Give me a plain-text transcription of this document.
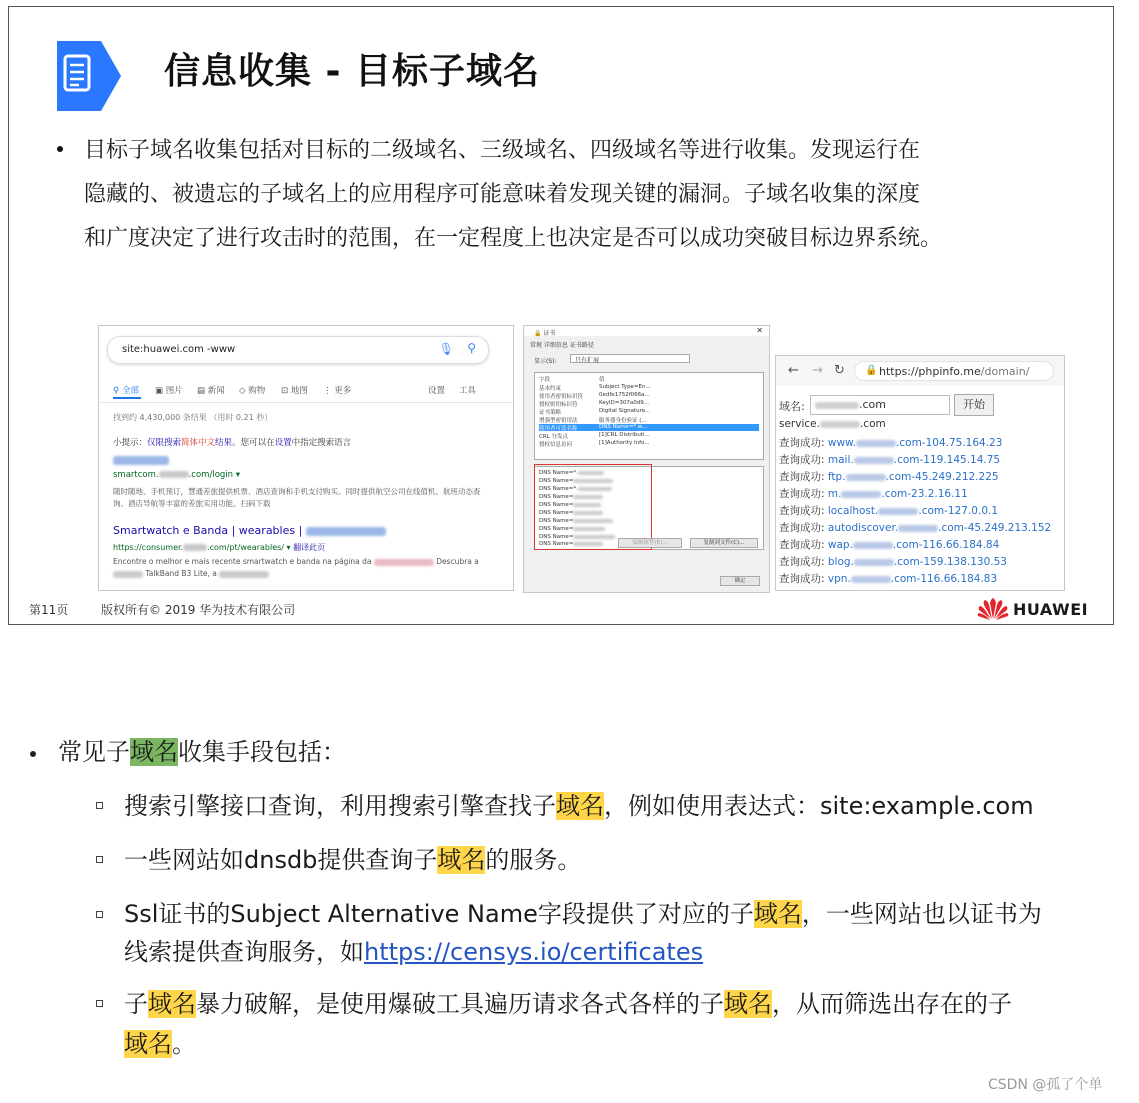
信息收集 - 目标子域名
目标子域名收集包括对目标的二级域名、三级域名、四级域名等进行收集。发现运行在
隐藏的、被遗忘的子域名上的应用程序可能意味着发现关键的漏洞。子域名收集的深度
和广度决定了进行攻击时的范围，在一定程度上也决定是否可以成功突破目标边界系统。
site:huawei.com -www	🎙 ⚲
⚲ 全部 ▣ 图片 ▤ 新闻 ◇ 购物 ⊡ 地图 ⋮ 更多	设置 工具
找到约 4,430,000 条结果 （用时 0.21 秒）
小提示：仅限搜索简体中文结果。您可以在设置中指定搜索语言
smartcom.	.com/login ▾
随时随地、手机预订，慧通差旅提供机票、酒店查询和手机支付购买。同时提供航空公司在线值机、航班动态查询、酒店导航等丰富的差旅实用功能。扫码下载
Smartwatch e Banda | wearables |
https://consumer.	.com/pt/wearables/ ▾ 翻译此页
Encontre o melhor e mais recente smartwatch e banda na página da	Descubra a
TalkBand B3 Lite, a
🔒 证书	✕
常规 详细信息 证书路径
显示(S):	只有扩展
字段	值
基本约束	Subject Type=En...
使用者密钥标识符	0edfe1752f066a...
授权密钥标识符	KeyID=307a0d9...
证书策略	Digital Signature...
增强型密钥用法	服务器身份验证 (...
使用者可选名称	DNS Name=*.w...
CRL 分发点	[1]CRL Distributi...
授权信息访问	[1]Authority Info...
DNS Name=*.
DNS Name=
DNS Name=*.
DNS Name=
DNS Name=
DNS Name=
DNS Name=
DNS Name=
DNS Name=
DNS Name=	编辑属性(E)...	复制到文件(C)...
确定
← → ↻ 🔒 https://phpinfo.me/domain/
域名:	.com	开始
service.	.com
查询成功: www.	.com-104.75.164.23
查询成功: mail.	.com-119.145.14.75
查询成功: ftp.	.com-45.249.212.225
查询成功: m.	.com-23.2.16.11
查询成功: localhost.	.com-127.0.0.1
查询成功: autodiscover.	.com-45.249.213.152
查询成功: wap.	.com-116.66.184.84
查询成功: blog.	.com-159.138.130.53
查询成功: vpn.	.com-116.66.184.83
第11页	版权所有© 2019 华为技术有限公司	HUAWEI
常见子域名收集手段包括：
搜索引擎接口查询，利用搜索引擎查找子域名，例如使用表达式：site:example.com
一些网站如dnsdb提供查询子域名的服务。
Ssl证书的Subject Alternative Name字段提供了对应的子域名，一些网站也以证书为
线索提供查询服务，如https://censys.io/certificates
子域名暴力破解，是使用爆破工具遍历请求各式各样的子域名，从而筛选出存在的子
域名。
CSDN @孤了个单
